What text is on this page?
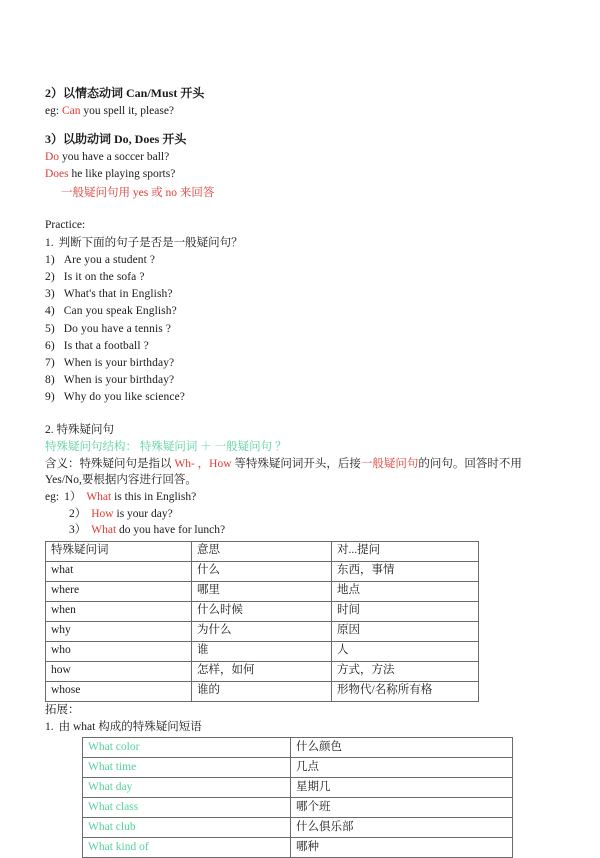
2）以情态动词 Can/Must 开头
eg: Can you spell it, please?
3）以助动词 Do, Does 开头
Do you have a soccer ball?
Does he like playing sports?
一般疑问句用 yes 或 no 来回答
Practice:
1. 判断下面的句子是否是一般疑问句？
1) Are you a student ?
2) Is it on the sofa ?
3) What's that in English?
4) Can you speak English?
5) Do you have a tennis ?
6) Is that a football ?
7) When is your birthday?
8) When is your birthday?
9) Why do you like science?
2. 特殊疑问句
特殊疑问句结构： 特殊疑问词 ＋ 一般疑问句 ？
含义：特殊疑问句是指以 Wh- ，How 等特殊疑问词开头，后接一般疑问句的问句。回答时不用 Yes/No,要根据内容进行回答。
eg: 1） What is this in English?
2） How is your day?
3） What do you have for lunch?
特殊疑问词	意思	对...提问
what	什么	东西，事情
where	哪里	地点
when	什么时候	时间
why	为什么	原因
who	谁	人
how	怎样，如何	方式，方法
whose	谁的	形物代/名称所有格
拓展：
1. 由 what 构成的特殊疑问短语
What color	什么颜色
What time	几点
What day	星期几
What class	哪个班
What club	什么俱乐部
What kind of	哪种
